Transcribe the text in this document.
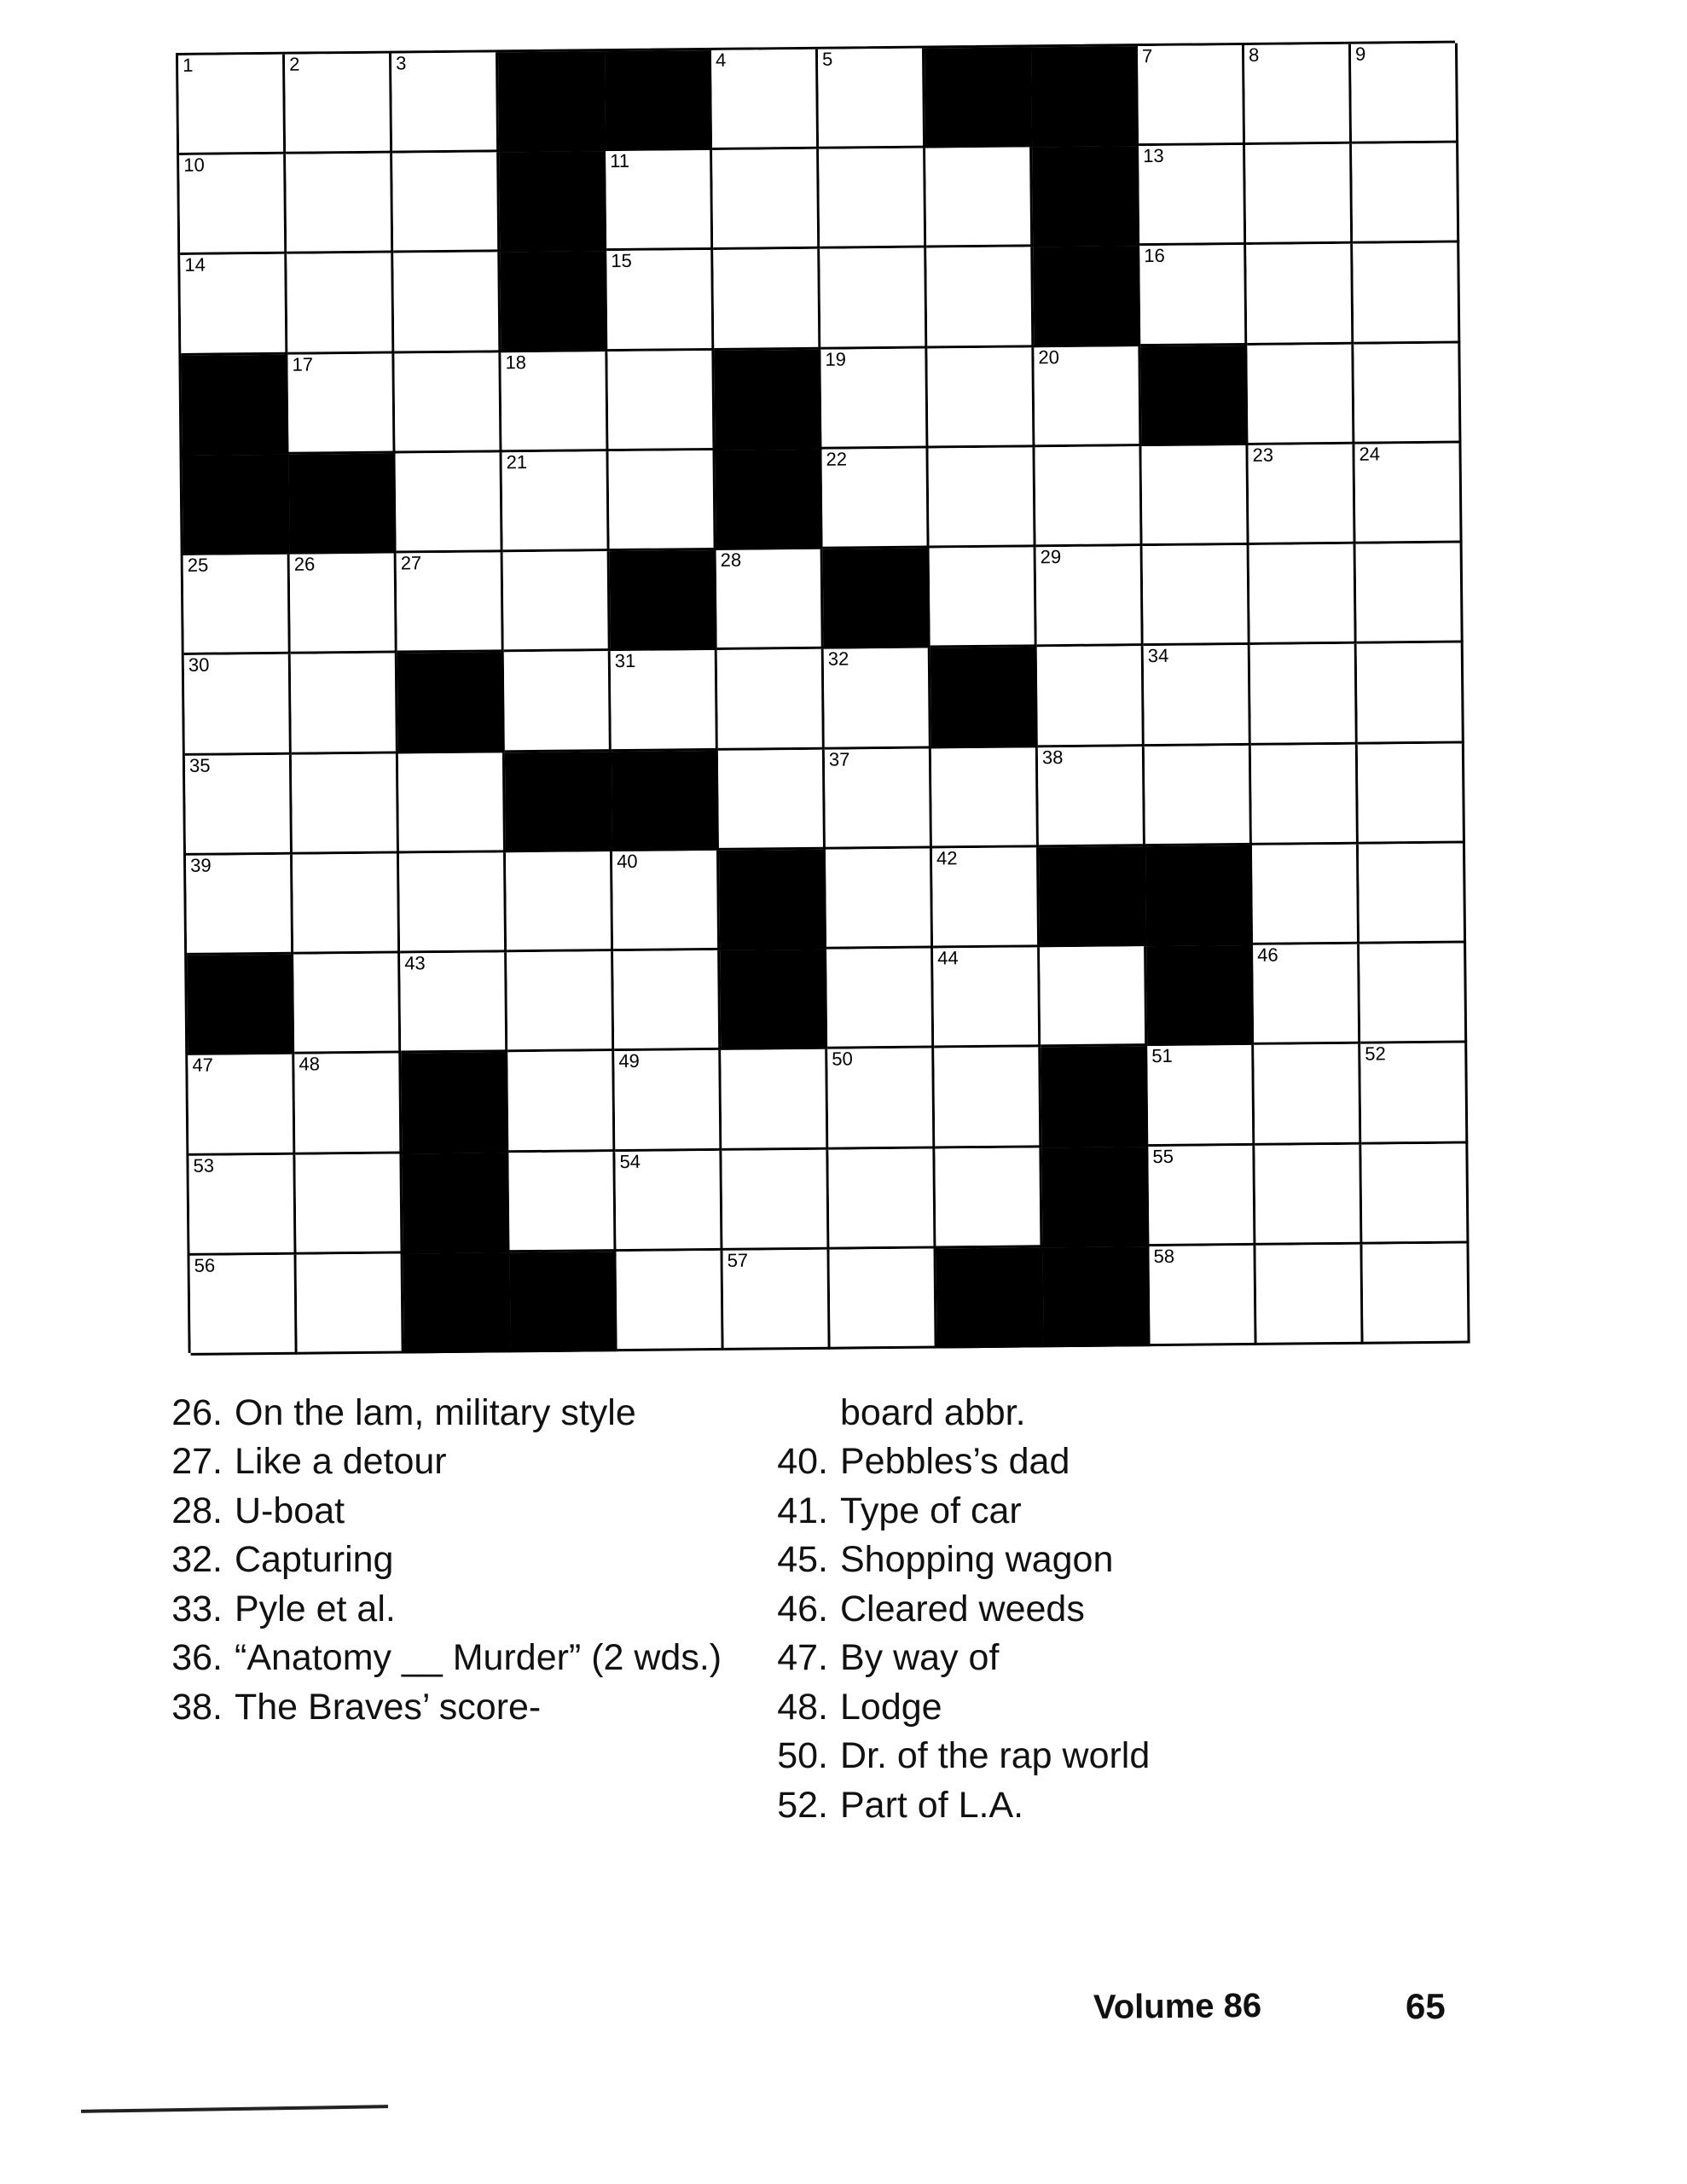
1	2	3	4	5	7	8	9
10	11	13
14	15	16
17	18	19	20
21	22	23	24
25	26	27	28	29
30	31	32	34
35	37	38
39	40	42
43	44	46
47	48	49	50	51	52
53	54	55
56	57	58
26. On the lam, military style
27. Like a detour
28. U-boat
32. Capturing
33. Pyle et al.
36. “Anatomy __ Murder” (2 wds.)
38. The Braves’ score-
board abbr.
40. Pebbles’s dad
41. Type of car
45. Shopping wagon
46. Cleared weeds
47. By way of
48. Lodge
50. Dr. of the rap world
52. Part of L.A.
Volume 86	65
